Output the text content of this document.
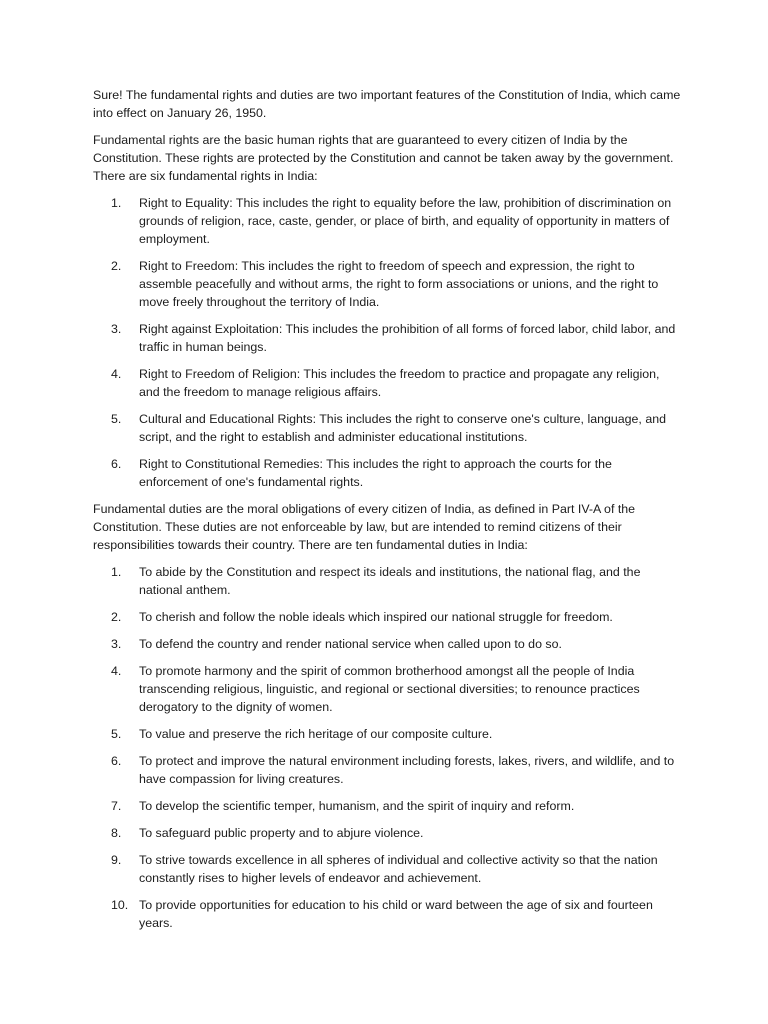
Sure! The fundamental rights and duties are two important features of the Constitution of India, which came into effect on January 26, 1950.

Fundamental rights are the basic human rights that are guaranteed to every citizen of India by the Constitution. These rights are protected by the Constitution and cannot be taken away by the government. There are six fundamental rights in India:

1.	Right to Equality: This includes the right to equality before the law, prohibition of discrimination on grounds of religion, race, caste, gender, or place of birth, and equality of opportunity in matters of employment.
2.	Right to Freedom: This includes the right to freedom of speech and expression, the right to assemble peacefully and without arms, the right to form associations or unions, and the right to move freely throughout the territory of India.
3.	Right against Exploitation: This includes the prohibition of all forms of forced labor, child labor, and traffic in human beings.
4.	Right to Freedom of Religion: This includes the freedom to practice and propagate any religion, and the freedom to manage religious affairs.
5.	Cultural and Educational Rights: This includes the right to conserve one's culture, language, and script, and the right to establish and administer educational institutions.
6.	Right to Constitutional Remedies: This includes the right to approach the courts for the enforcement of one's fundamental rights.

Fundamental duties are the moral obligations of every citizen of India, as defined in Part IV-A of the Constitution. These duties are not enforceable by law, but are intended to remind citizens of their responsibilities towards their country. There are ten fundamental duties in India:

1.	To abide by the Constitution and respect its ideals and institutions, the national flag, and the national anthem.
2.	To cherish and follow the noble ideals which inspired our national struggle for freedom.
3.	To defend the country and render national service when called upon to do so.
4.	To promote harmony and the spirit of common brotherhood amongst all the people of India transcending religious, linguistic, and regional or sectional diversities; to renounce practices derogatory to the dignity of women.
5.	To value and preserve the rich heritage of our composite culture.
6.	To protect and improve the natural environment including forests, lakes, rivers, and wildlife, and to have compassion for living creatures.
7.	To develop the scientific temper, humanism, and the spirit of inquiry and reform.
8.	To safeguard public property and to abjure violence.
9.	To strive towards excellence in all spheres of individual and collective activity so that the nation constantly rises to higher levels of endeavor and achievement.
10. To provide opportunities for education to his child or ward between the age of six and fourteen years.
